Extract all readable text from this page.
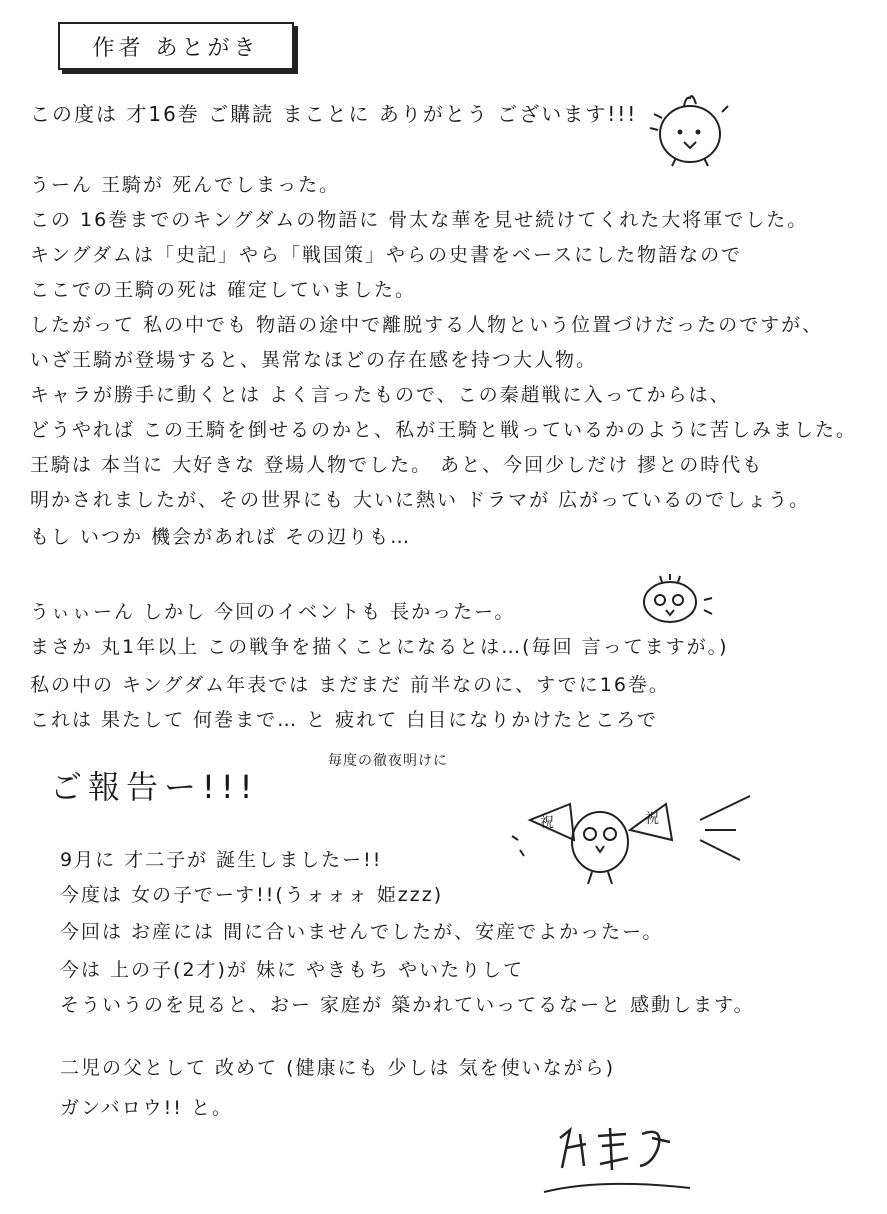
作者 あとがき
この度は 才16巻 ご購読 まことに ありがとう ございます!!!
うーん 王騎が 死んでしまった。
この 16巻までのキングダムの物語に 骨太な華を見せ続けてくれた大将軍でした。
キングダムは「史記」やら「戦国策」やらの史書をベースにした物語なので
ここでの王騎の死は 確定していました。
したがって 私の中でも 物語の途中で離脱する人物という位置づけだったのですが、
いざ王騎が登場すると、異常なほどの存在感を持つ大人物。
キャラが勝手に動くとは よく言ったもので、この秦趙戦に入ってからは、
どうやれば この王騎を倒せるのかと、私が王騎と戦っているかのように苦しみました。
王騎は 本当に 大好きな 登場人物でした。 あと、今回少しだけ 摎との時代も
明かされましたが、その世界にも 大いに熱い ドラマが 広がっているのでしょう。
もし いつか 機会があれば その辺りも…
うぃぃーん しかし 今回のイベントも 長かったー。
まさか 丸1年以上 この戦争を描くことになるとは…(毎回 言ってますが。)
私の中の キングダム年表では まだまだ 前半なのに、すでに16巻。
これは 果たして 何巻まで… と 疲れて 白目になりかけたところで
毎度の徹夜明けに
ご報告ー!!!
祝	祝
9月に 才二子が 誕生しましたー!!
今度は 女の子でーす!!(うォォォ 姫zzz)
今回は お産には 間に合いませんでしたが、安産でよかったー。
今は 上の子(2才)が 妹に やきもち やいたりして
そういうのを見ると、おー 家庭が 築かれていってるなーと 感動します。
二児の父として 改めて (健康にも 少しは 気を使いながら)
ガンバロウ!! と。
